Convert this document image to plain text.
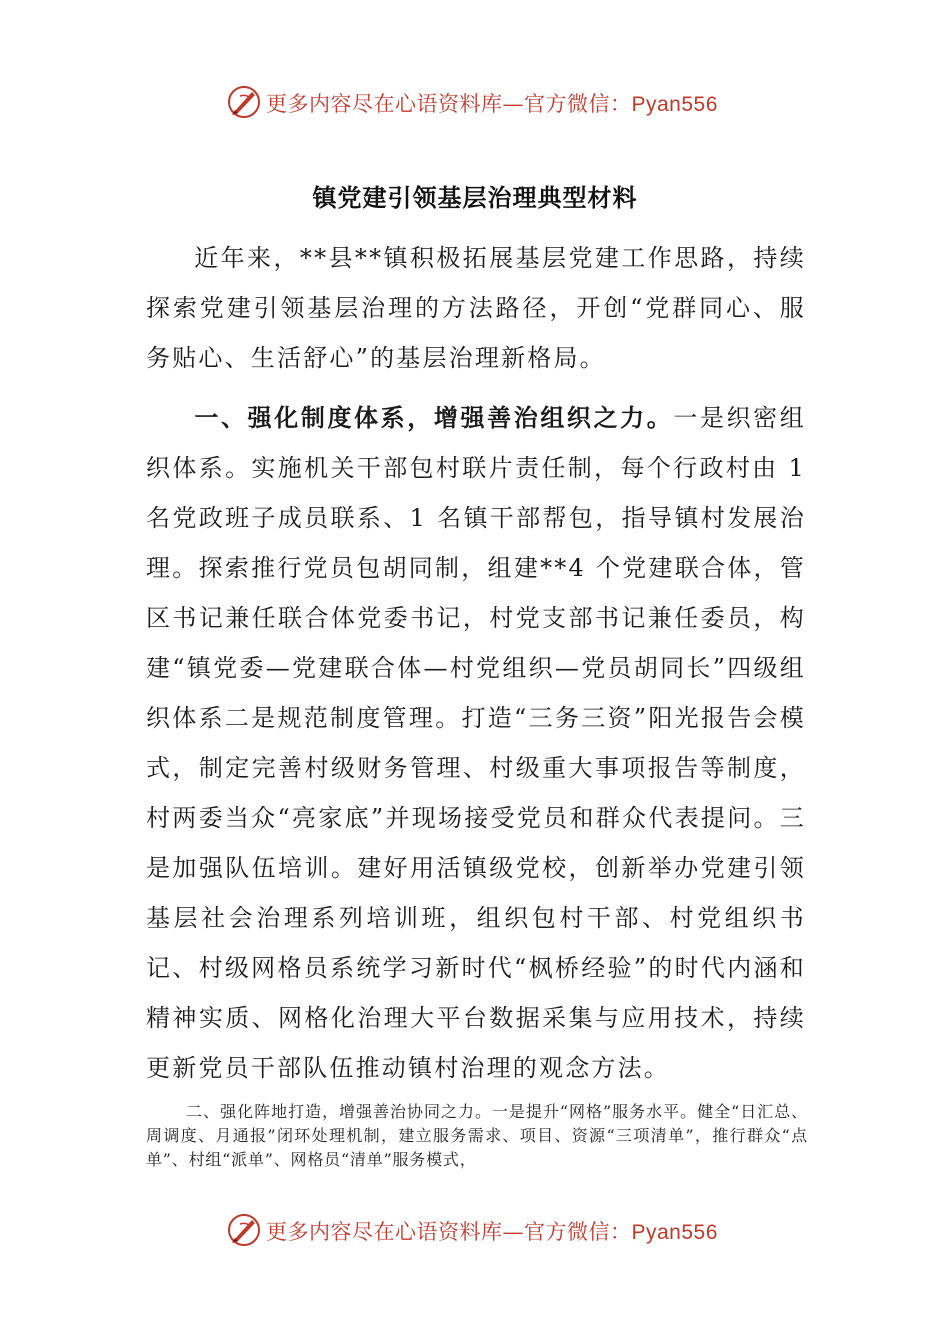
更多内容尽在心语资料库—官方微信：Pyan556
镇党建引领基层治理典型材料

近年来，**县**镇积极拓展基层党建工作思路，持续探索党建引领基层治理的方法路径，开创“党群同心、服务贴心、生活舒心”的基层治理新格局。

一、强化制度体系，增强善治组织之力。一是织密组织体系。实施机关干部包村联片责任制，每个行政村由 1 名党政班子成员联系、1 名镇干部帮包，指导镇村发展治理。探索推行党员包胡同制，组建**4 个党建联合体，管区书记兼任联合体党委书记，村党支部书记兼任委员，构建“镇党委—党建联合体—村党组织—党员胡同长”四级组织体系二是规范制度管理。打造“三务三资”阳光报告会模式，制定完善村级财务管理、村级重大事项报告等制度，村两委当众“亮家底”并现场接受党员和群众代表提问。三是加强队伍培训。建好用活镇级党校，创新举办党建引领基层社会治理系列培训班，组织包村干部、村党组织书记、村级网格员系统学习新时代“枫桥经验”的时代内涵和精神实质、网格化治理大平台数据采集与应用技术，持续更新党员干部队伍推动镇村治理的观念方法。

二、强化阵地打造，增强善治协同之力。一是提升“网格”服务水平。健全“日汇总、周调度、月通报”闭环处理机制，建立服务需求、项目、资源“三项清单”，推行群众“点单”、村组“派单”、网格员“清单”服务模式，

更多内容尽在心语资料库—官方微信：Pyan556
